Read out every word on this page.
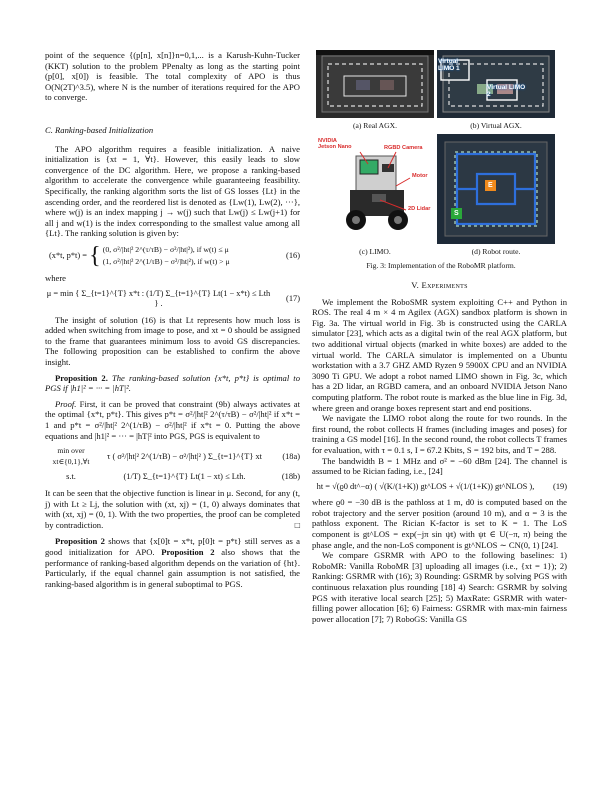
point of the sequence {(p[n], x[n]}n=0,1,... is a Karush-Kuhn-Tucker (KKT) solution to the problem PPenalty as long as the starting point (p[0], x[0]) is feasible. The total complexity of APO is thus O(N(2T)^3.5), where N is the number of iterations required for the APO to converge.

C. Ranking-based Initialization

The APO algorithm requires a feasible initialization. A naive initialization is {xt = 1, ∀t}. However, this easily leads to slow convergence of the DC algorithm. Here, we propose a ranking-based algorithm to accelerate the convergence while guaranteeing feasibility. Specifically, the ranking algorithm sorts the list of GS losses {Lt} in the ascending order, and the reordered list is denoted as {Lw(1), Lw(2), ···}, where w(j) is an index mapping j → w(j) such that Lw(j) ≤ Lw(j+1) for all j and w(1) is the index corresponding to the smallest value among all {Lt}. The ranking solution is given by:

(x*t, p*t) = { (0, σ²/|ht|² 2^(τ/τB) − σ²/|ht|²), if w(t) ≤ μ
(1, σ²/|ht|² 2^(1/τB) − σ²/|ht|²), if w(t) > μ
(16)

where

μ = min { Σ_{t=1}^{T} x*t : (1/T) Σ_{t=1}^{T} Lt(1 − x*t) ≤ Lth } .
(17)

The insight of solution (16) is that Lt represents how much loss is added when switching from image to pose, and xt = 0 should be assigned to the frame that guarantees minimum loss to avoid GS discrepancies. The following proposition can be established to confirm the above insight.

Proposition 2. The ranking-based solution {x*t, p*t} is optimal to PGS if |h1|² = ··· = |hT|².

Proof. First, it can be proved that constraint (9b) always activates at the optimal {x*t, p*t}. This gives p*t = σ²/|ht|² 2^(τ/τB) − σ²/|ht|² if x*t = 1 and p*t = σ²/|ht|² 2^(1/τB) − σ²/|ht|² if x*t = 0. Putting the above equations and |h1|² = ··· = |hT|² into PGS, PGS is equivalent to

min over xt∈{0,1},∀t
τ ( σ²/|ht|² 2^(1/τB) − σ²/|ht|² ) Σ_{t=1}^{T} xt	(18a)
s.t.	(1/T) Σ_{t=1}^{T} Lt(1 − xt) ≤ Lth.	(18b)

It can be seen that the objective function is linear in μ. Second, for any (t, j) with Lt ≥ Lj, the solution with (xt, xj) = (1, 0) always dominates that with (xt, xj) = (0, 1). With the two properties, the proof can be completed by contradiction.	□

Proposition 2 shows that {x[0]t = x*t, p[0]t = p*t} still serves as a good initialization for APO. Proposition 2 also shows that the performance of ranking-based algorithm depends on the variation of {ht}. Particularly, if the equal channel gain assumption is not satisfied, the ranking-based algorithm is in general suboptimal to PGS.

Virtual LIMO 1
Virtual LIMO 2
(a) Real AGX.	(b) Virtual AGX.
NVIDIA Jetson Nano	RGBD Camera
Motor
2D Lidar
S
E
(c) LIMO.	(d) Robot route.
Fig. 3: Implementation of the RoboMR platform.

V. Experiments

We implement the RoboSMR system exploiting C++ and Python in ROS. The real 4 m × 4 m Agilex (AGX) sandbox platform is shown in Fig. 3a. The virtual world in Fig. 3b is constructed using the CARLA simulator [23], which acts as a digital twin of the real AGX platform, but two additional virtual objects (marked in white boxes) are added to the virtual world. The CARLA simulator is implemented on a Ubuntu workstation with a 3.7 GHZ AMD Ryzen 9 5900X CPU and an NVIDIA 3090 Ti GPU. We adopt a robot named LIMO shown in Fig. 3c, which has a 2D lidar, an RGBD camera, and an onboard NVIDIA Jetson Nano computing platform. The robot route is marked as the blue line in Fig. 3d, where green and orange boxes represent start and end positions.

We navigate the LIMO robot along the route for two rounds. In the first round, the robot collects H frames (including images and poses) for training a GS model [16]. In the second round, the robot collects T frames for evaluation, with τ = 0.1 s, I = 67.2 Kbits, S = 192 bits, and T = 288.

The bandwidth B = 1 MHz and σ² = −60 dBm [24]. The channel is assumed to be Rician fading, i.e., [24]

ht = √(ϱ0 dt^−α) ( √(K/(1+K)) gt^LOS + √(1/(1+K)) gt^NLOS ),	(19)

where ϱ0 = −30 dB is the pathloss at 1 m, d0 is computed based on the robot trajectory and the server position (around 10 m), and α = 3 is the pathloss exponent. The Rician K-factor is set to K = 1. The LoS component is gt^LOS = exp(−jπ sin ψt) with ψt ∈ U(−π, π) being the phase angle, and the non-LoS component is gt^NLOS ∼ CN(0, 1) [24].

We compare GSRMR with APO to the following baselines: 1) RoboMR: Vanilla RoboMR [3] uploading all images (i.e., {xt = 1}); 2) Ranking: GSRMR with (16); 3) Rounding: GSRMR by solving PGS with continuous relaxation plus rounding [18] 4) Search: GSRMR by solving PGS with iterative local search [25]; 5) MaxRate: GSRMR with water-filling power allocation [6]; 6) Fairness: GSRMR with max-min fairness power allocation [7]; 7) RoboGS: Vanilla GS
